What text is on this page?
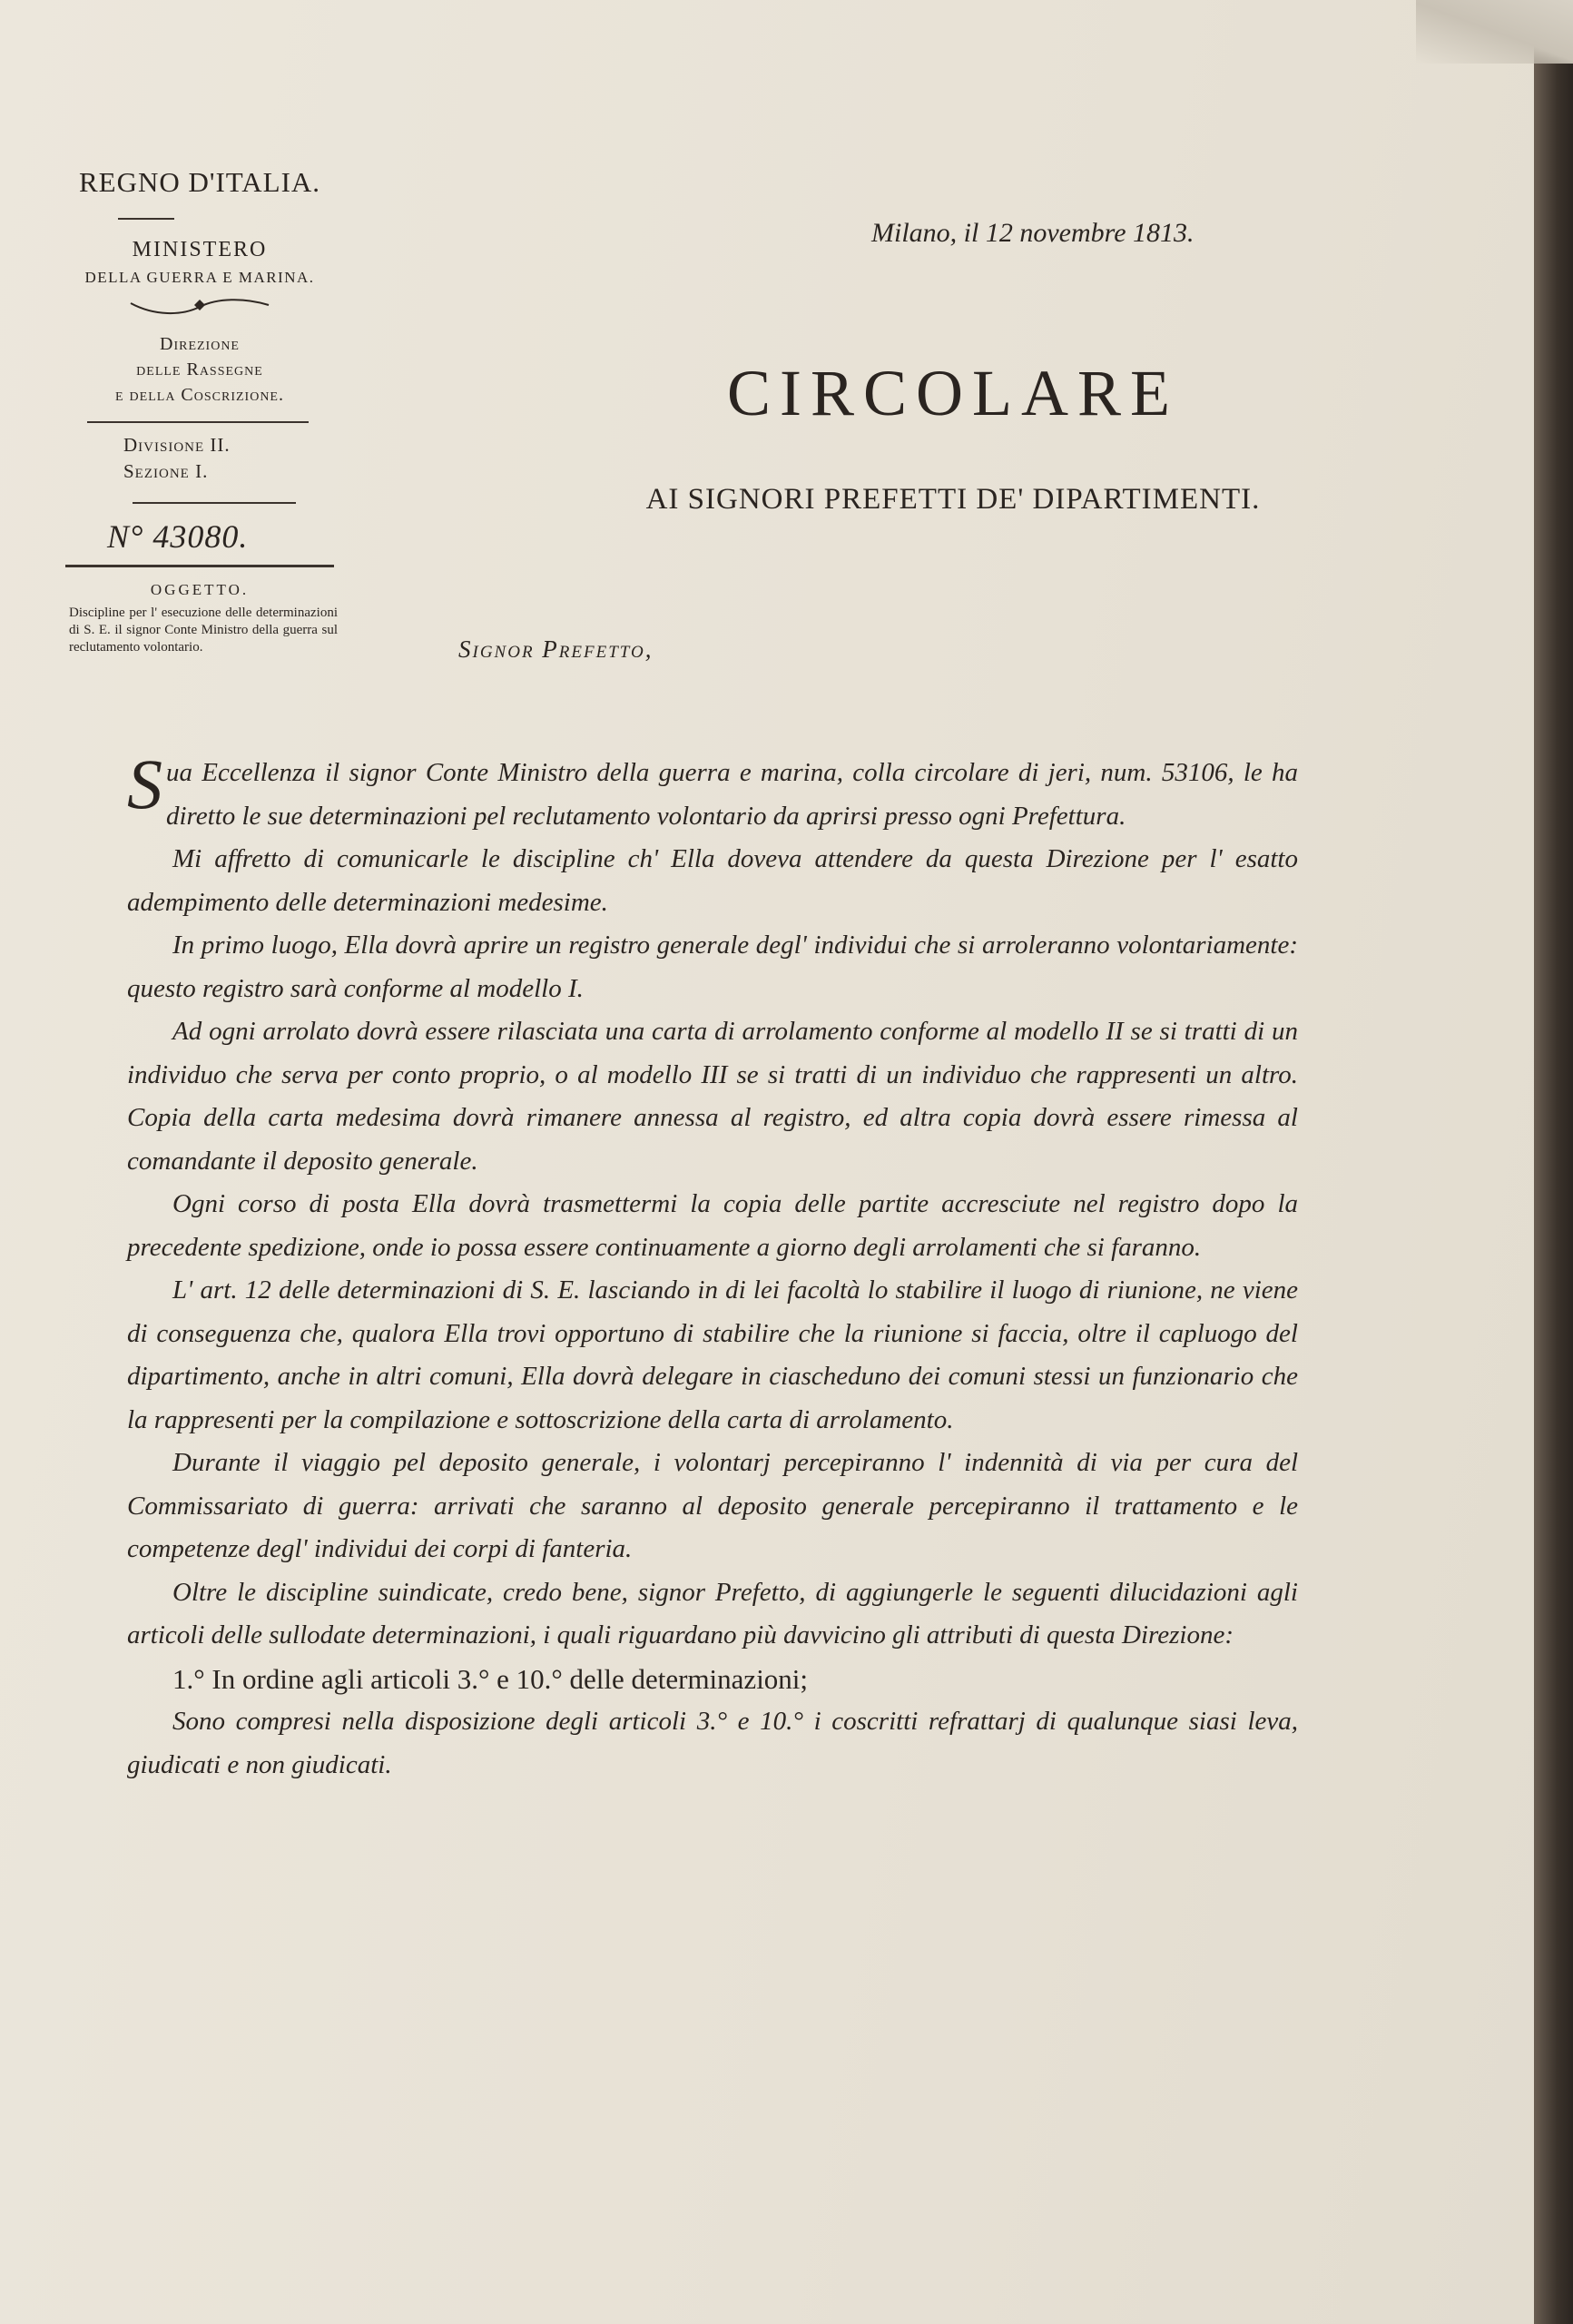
REGNO D'ITALIA.
MINISTERO
DELLA GUERRA E MARINA.
Direzione
delle Rassegne
e della Coscrizione.
Divisione II.
Sezione I.
N° 43080.
OGGETTO.
Discipline per l' esecuzione delle determinazioni di S. E. il signor Conte Ministro della guerra sul reclutamento volontario.
Milano, il 12 novembre 1813.
CIRCOLARE
AI SIGNORI PREFETTI DE' DIPARTIMENTI.
Signor Prefetto,

Sua Eccellenza il signor Conte Ministro della guerra e marina, colla circolare di jeri, num. 53106, le ha diretto le sue determinazioni pel reclutamento volontario da aprirsi presso ogni Prefettura.

Mi affretto di comunicarle le discipline ch' Ella doveva attendere da questa Direzione per l' esatto adempimento delle determinazioni medesime.

In primo luogo, Ella dovrà aprire un registro generale degl' individui che si arroleranno volontariamente: questo registro sarà conforme al modello I.

Ad ogni arrolato dovrà essere rilasciata una carta di arrolamento conforme al modello II se si tratti di un individuo che serva per conto proprio, o al modello III se si tratti di un individuo che rappresenti un altro. Copia della carta medesima dovrà rimanere annessa al registro, ed altra copia dovrà essere rimessa al comandante il deposito generale.

Ogni corso di posta Ella dovrà trasmettermi la copia delle partite accresciute nel registro dopo la precedente spedizione, onde io possa essere continuamente a giorno degli arrolamenti che si faranno.

L' art. 12 delle determinazioni di S. E. lasciando in di lei facoltà lo stabilire il luogo di riunione, ne viene di conseguenza che, qualora Ella trovi opportuno di stabilire che la riunione si faccia, oltre il capluogo del dipartimento, anche in altri comuni, Ella dovrà delegare in ciascheduno dei comuni stessi un funzionario che la rappresenti per la compilazione e sottoscrizione della carta di arrolamento.

Durante il viaggio pel deposito generale, i volontarj percepiranno l' indennità di via per cura del Commissariato di guerra: arrivati che saranno al deposito generale percepiranno il trattamento e le competenze degl' individui dei corpi di fanteria.

Oltre le discipline suindicate, credo bene, signor Prefetto, di aggiungerle le seguenti dilucidazioni agli articoli delle sullodate determinazioni, i quali riguardano più davvicino gli attributi di questa Direzione:

1.° In ordine agli articoli 3.° e 10.° delle determinazioni;

Sono compresi nella disposizione degli articoli 3.° e 10.° i coscritti refrattarj di qualunque siasi leva, giudicati e non giudicati.
